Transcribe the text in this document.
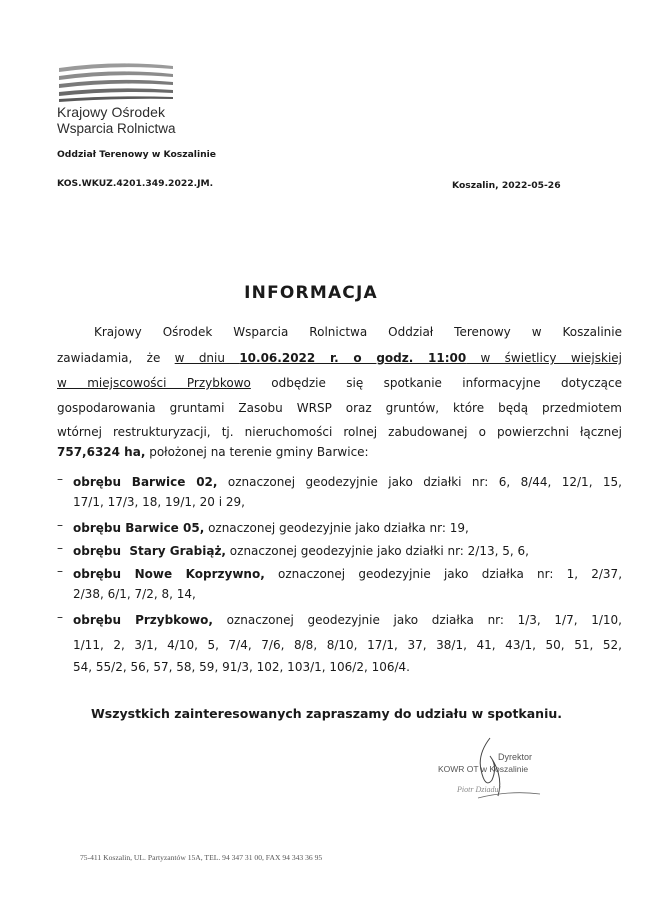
Krajowy Ośrodek
Wsparcia Rolnictwa
Oddział Terenowy w Koszalinie
KOS.WKUZ.4201.349.2022.JM.	Koszalin, 2022-05-26
INFORMACJA
Krajowy Ośrodek Wsparcia Rolnictwa Oddział Terenowy w Koszalinie
zawiadamia, że w dniu 10.06.2022 r. o godz. 11:00 w świetlicy wiejskiej
w miejscowości Przybkowo odbędzie się spotkanie informacyjne dotyczące
gospodarowania gruntami Zasobu WRSP oraz gruntów, które będą przedmiotem
wtórnej restrukturyzacji, tj. nieruchomości rolnej zabudowanej o powierzchni łącznej
757,6324 ha, położonej na terenie gminy Barwice:
– obrębu Barwice 02, oznaczonej geodezyjnie jako działki nr: 6, 8/44, 12/1, 15,
17/1, 17/3, 18, 19/1, 20 i 29,
– obrębu Barwice 05, oznaczonej geodezyjnie jako działka nr: 19,
– obrębu  Stary Grabiąż, oznaczonej geodezyjnie jako działki nr: 2/13, 5, 6,
– obrębu Nowe Koprzywno, oznaczonej geodezyjnie jako działka nr: 1, 2/37,
2/38, 6/1, 7/2, 8, 14,
– obrębu Przybkowo, oznaczonej geodezyjnie jako działka nr: 1/3, 1/7, 1/10,
1/11, 2, 3/1, 4/10, 5, 7/4, 7/6, 8/8, 8/10, 17/1, 37, 38/1, 41, 43/1, 50, 51, 52,
54, 55/2, 56, 57, 58, 59, 91/3, 102, 103/1, 106/2, 106/4.
Wszystkich zainteresowanych zapraszamy do udziału w spotkaniu.
Dyrektor
KOWR OT w Koszalinie
Piotr Dziadul
75-411 Koszalin, UL. Partyzantów 15A, TEL. 94 347 31 00, FAX 94 343 36 95
